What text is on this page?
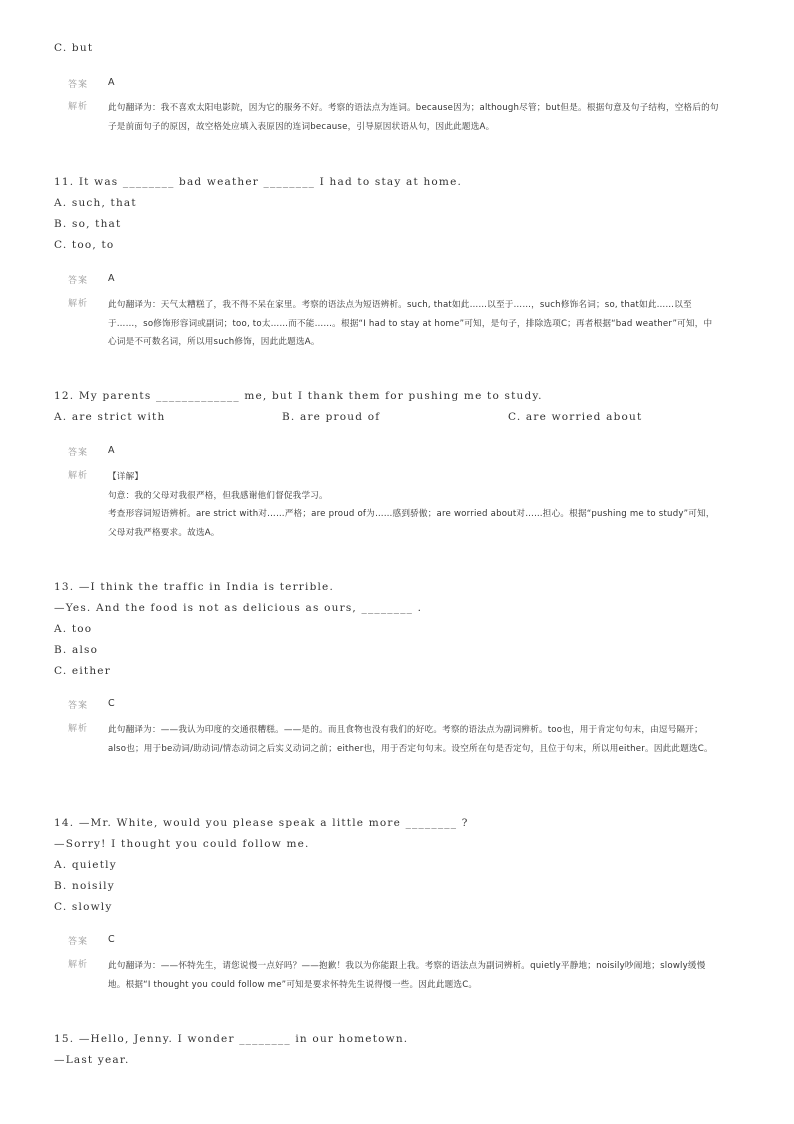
C. but
答案	A
解析	此句翻译为：我不喜欢太阳电影院，因为它的服务不好。考察的语法点为连词。because因为；although尽管；but但是。根据句意及句子结构，空格后的句子是前面句子的原因，故空格处应填入表原因的连词because，引导原因状语从句，因此此题选A。
11. It was ________ bad weather ________ I had to stay at home.
A. such, that
B. so, that
C. too, to
答案	A
解析	此句翻译为：天气太糟糕了，我不得不呆在家里。考察的语法点为短语辨析。such, that如此……以至于……，such修饰名词；so, that如此……以至于……，so修饰形容词或副词；too, to太……而不能……。根据“I had to stay at home”可知，是句子，排除选项C；再者根据“bad weather”可知，中心词是不可数名词，所以用such修饰，因此此题选A。
12. My parents _____________ me, but I thank them for pushing me to study.
A. are strict with	B. are proud of	C. are worried about
答案	A
解析	【详解】

句意：我的父母对我很严格，但我感谢他们督促我学习。

考查形容词短语辨析。are strict with对……严格；are proud of为……感到骄傲；are worried about对……担心。根据“pushing me to study”可知，父母对我严格要求。故选A。

13. —I think the traffic in India is terrible.
—Yes. And the food is not as delicious as ours, ________ .
A. too
B. also
C. either
答案	C
解析	此句翻译为：——我认为印度的交通很糟糕。——是的。而且食物也没有我们的好吃。考察的语法点为副词辨析。too也，用于肯定句句末，由逗号隔开；also也；用于be动词/助动词/情态动词之后实义动词之前；either也，用于否定句句末。设空所在句是否定句，且位于句末，所以用either。因此此题选C。
14. —Mr. White, would you please speak a little more ________ ?
—Sorry! I thought you could follow me.
A. quietly
B. noisily
C. slowly
答案	C
解析	此句翻译为：——怀特先生，请您说慢一点好吗？——抱歉！我以为你能跟上我。考察的语法点为副词辨析。quietly平静地；noisily吵闹地；slowly缓慢地。根据“I thought you could follow me”可知是要求怀特先生说得慢一些。因此此题选C。
15. —Hello, Jenny. I wonder ________ in our hometown.
—Last year.
